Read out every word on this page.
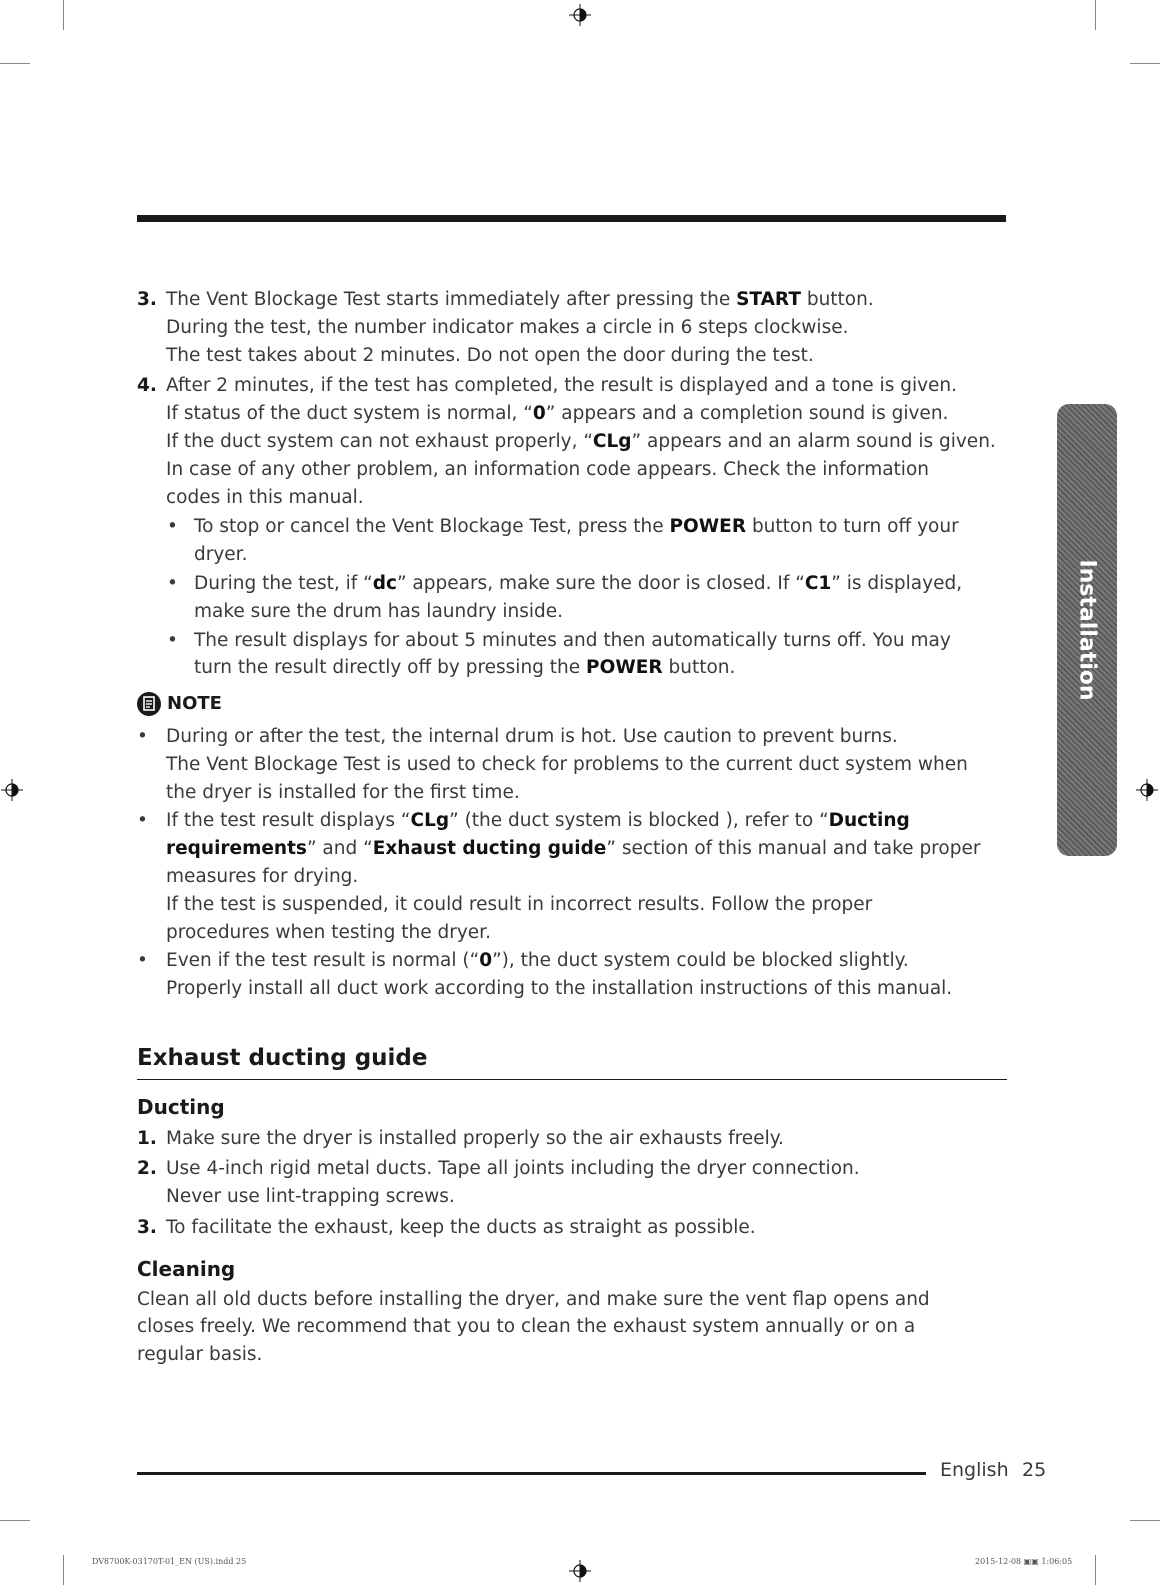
3. The Vent Blockage Test starts immediately after pressing the START button.

During the test, the number indicator makes a circle in 6 steps clockwise.

The test takes about 2 minutes. Do not open the door during the test.

4. After 2 minutes, if the test has completed, the result is displayed and a tone is given.

If status of the duct system is normal, “0” appears and a completion sound is given.

If the duct system can not exhaust properly, “CLg” appears and an alarm sound is given.

In case of any other problem, an information code appears. Check the information

codes in this manual.

• To stop or cancel the Vent Blockage Test, press the POWER button to turn off your

dryer.

• During the test, if “dc” appears, make sure the door is closed. If “C1” is displayed,

make sure the drum has laundry inside.

• The result displays for about 5 minutes and then automatically turns off. You may

turn the result directly off by pressing the POWER button.

NOTE
• During or after the test, the internal drum is hot. Use caution to prevent burns.

The Vent Blockage Test is used to check for problems to the current duct system when

the dryer is installed for the first time.

• If the test result displays “CLg” (the duct system is blocked ), refer to “Ducting

requirements” and “Exhaust ducting guide” section of this manual and take proper

measures for drying.

If the test is suspended, it could result in incorrect results. Follow the proper

procedures when testing the dryer.

• Even if the test result is normal (“0”), the duct system could be blocked slightly.

Properly install all duct work according to the installation instructions of this manual.

Exhaust ducting guide
Ducting
1. Make sure the dryer is installed properly so the air exhausts freely.

2. Use 4-inch rigid metal ducts. Tape all joints including the dryer connection.

Never use lint-trapping screws.

3. To facilitate the exhaust, keep the ducts as straight as possible.

Cleaning

Clean all old ducts before installing the dryer, and make sure the vent flap opens and

closes freely. We recommend that you to clean the exhaust system annually or on a

regular basis.

Installation
English 25
DV8700K-03170T-01_EN (US).indd 25	2015-12-08 ▣▣ 1:06:05
